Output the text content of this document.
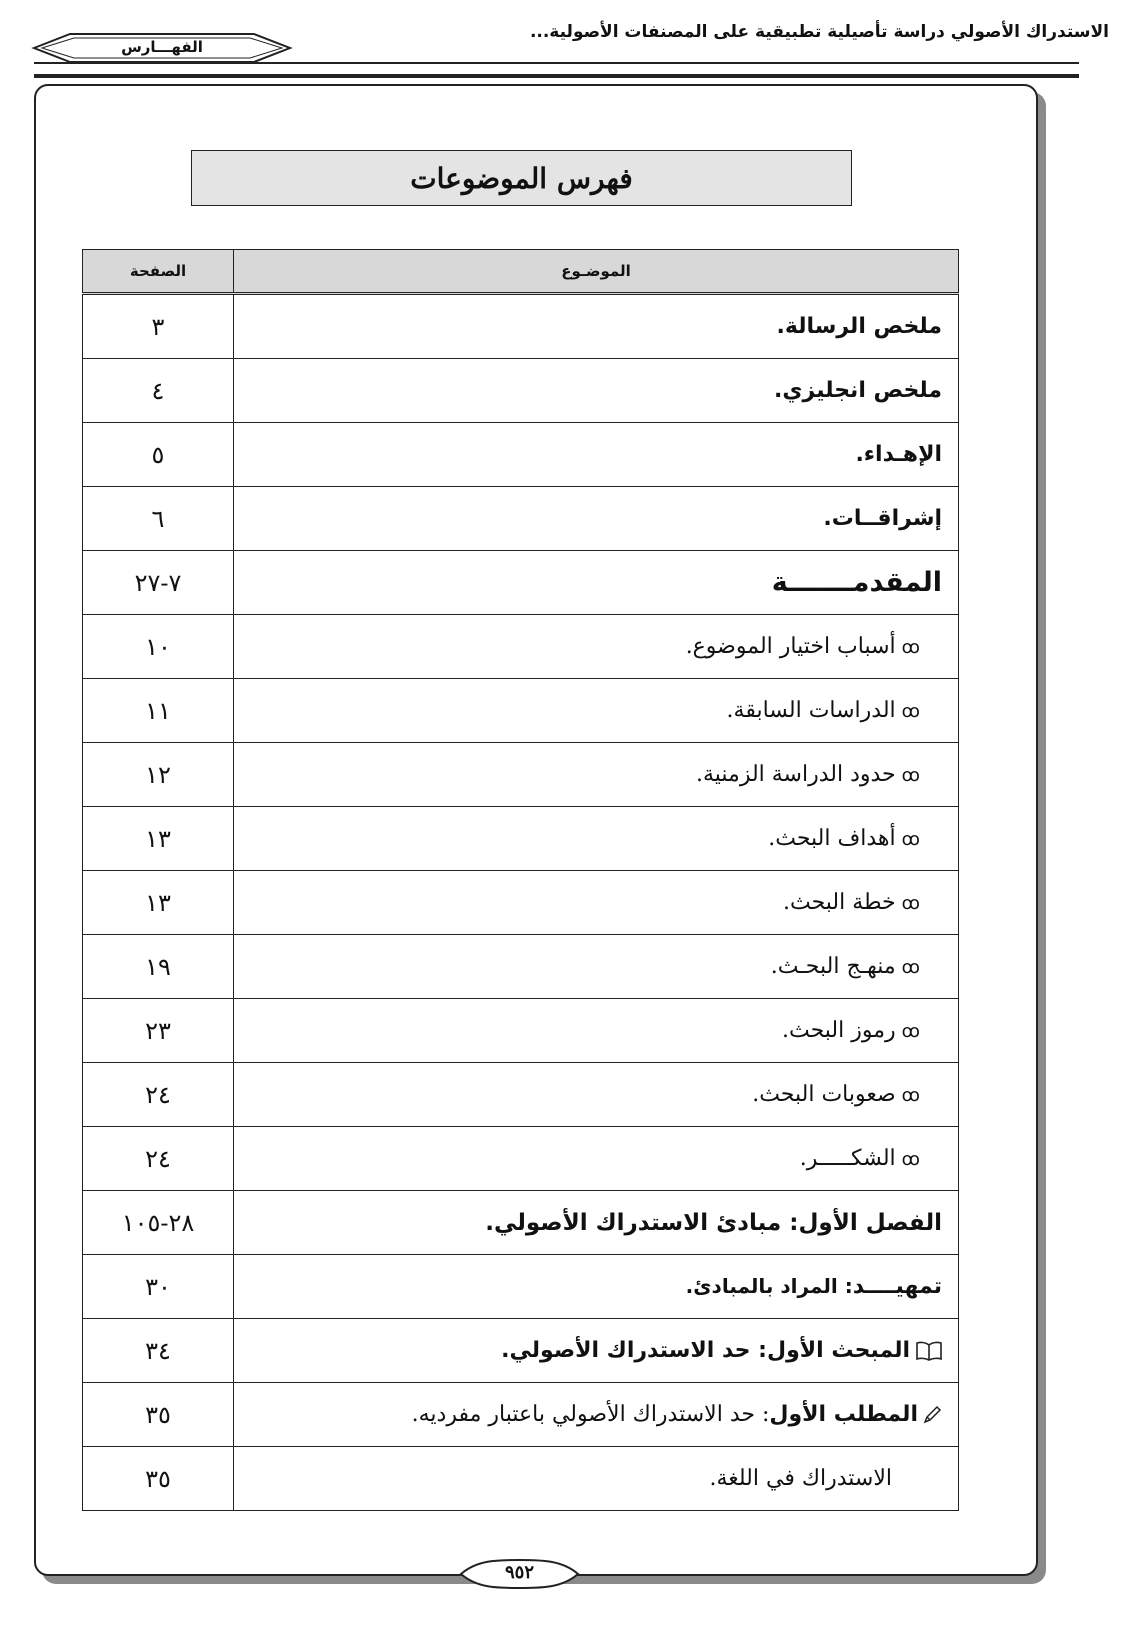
الاستدراك الأصولي دراسة تأصيلية تطبيقية على المصنفات الأصولية...
الفهـــارس
فهرس الموضوعات
الموضـوع	الصفحة
ملخص الرسالة.	٣
ملخص انجليزي.	٤
الإهـداء.	٥
إشراقــات.	٦
المقدمـــــــة	٧-٢٧
ꝏأسباب اختيار الموضوع.	١٠
ꝏالدراسات السابقة.	١١
ꝏحدود الدراسة الزمنية.	١٢
ꝏأهداف البحث.	١٣
ꝏخطة البحث.	١٣
ꝏمنهـج البحـث.	١٩
ꝏرموز البحث.	٢٣
ꝏصعوبات البحث.	٢٤
ꝏالشكـــــر.	٢٤
الفصل الأول: مبادئ الاستدراك الأصولي.	٢٨-١٠٥
تمهيــــد: المراد بالمبادئ.	٣٠
المبحث الأول: حد الاستدراك الأصولي.	٣٤
المطلب الأول: حد الاستدراك الأصولي باعتبار مفرديه.	٣٥
الاستدراك في اللغة.	٣٥
٩٥٢
